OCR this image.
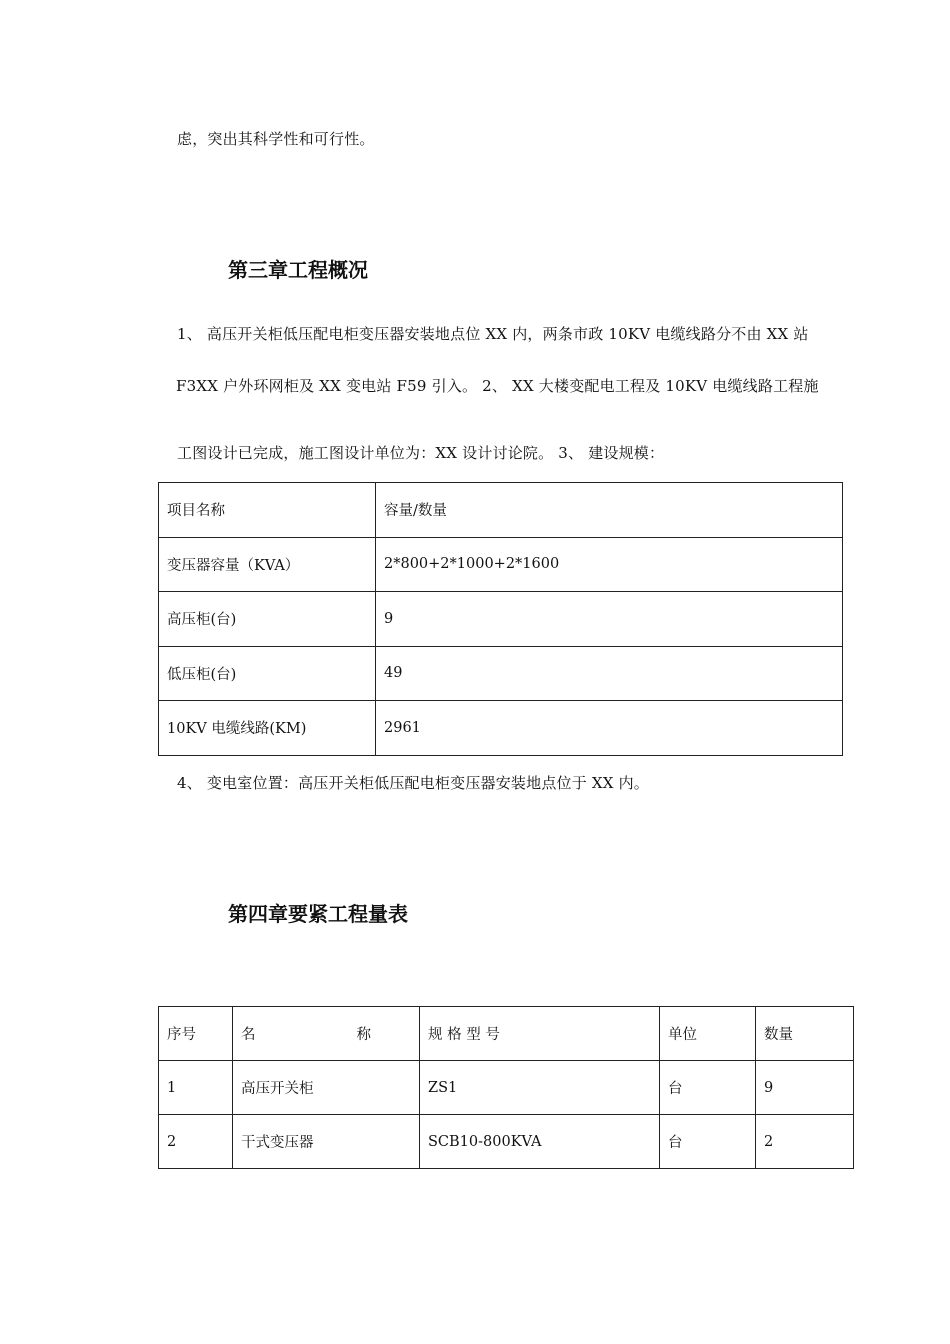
虑，突出其科学性和可行性。
第三章工程概况
1、 高压开关柜低压配电柜变压器安装地点位 XX 内，两条市政 10KV 电缆线路分不由 XX 站
F3XX 户外环网柜及 XX 变电站 F59 引入。 2、 XX 大楼变配电工程及 10KV 电缆线路工程施
工图设计已完成，施工图设计单位为：XX 设计讨论院。 3、 建设规模：
项目名称	容量/数量
变压器容量（KVA）	2*800+2*1000+2*1600
高压柜(台)	9
低压柜(台)	49
10KV 电缆线路(KM)	2961
4、 变电室位置：高压开关柜低压配电柜变压器安装地点位于 XX 内。
第四章要紧工程量表
序号	名 称	规 格 型 号	单位	数量
1	高压开关柜	ZS1	台	9
2	干式变压器	SCB10-800KVA	台	2
